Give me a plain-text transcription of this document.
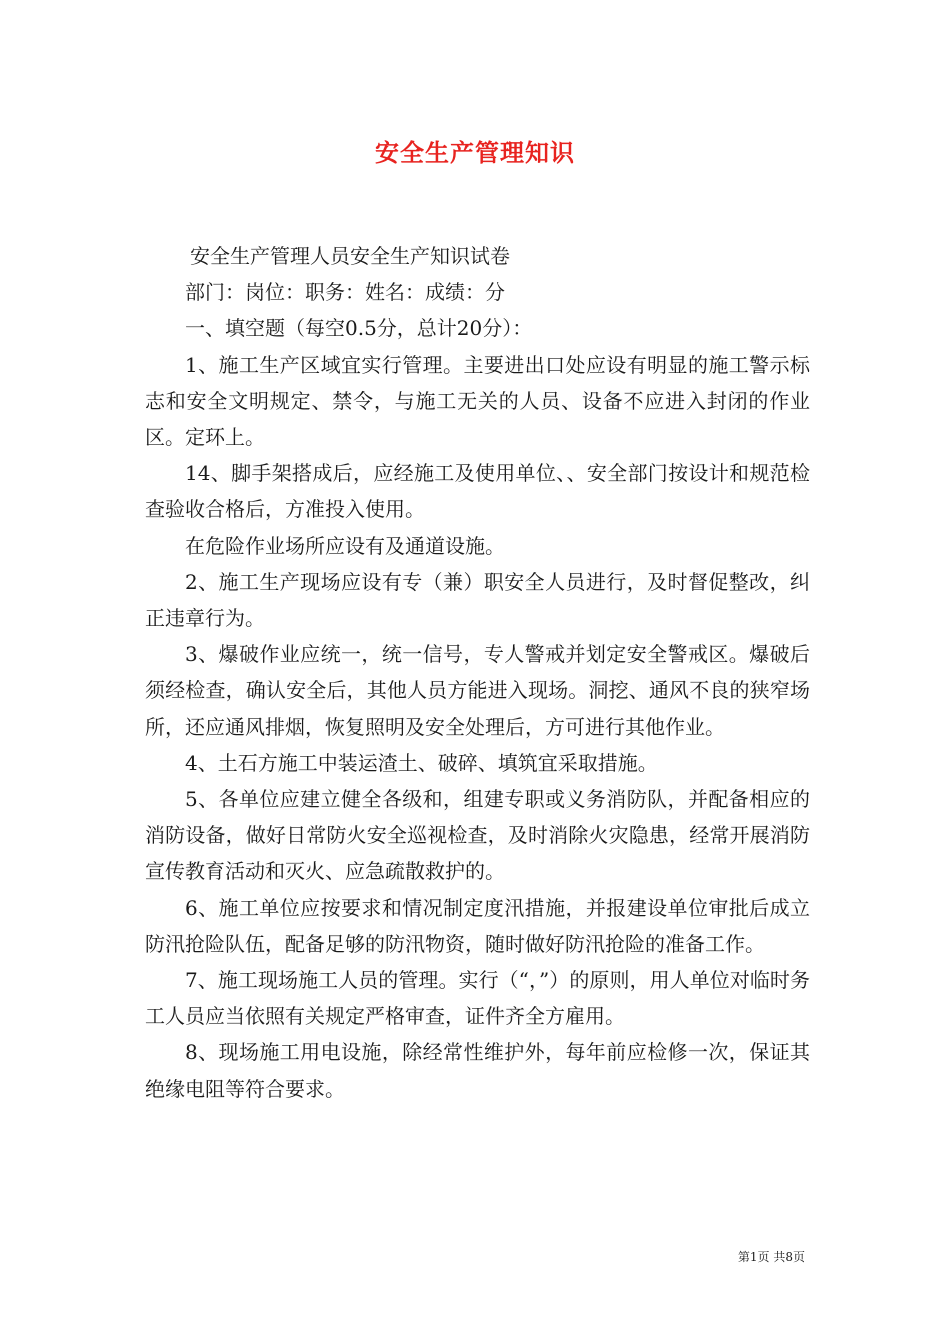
安全生产管理知识

安全生产管理人员安全生产知识试卷

部门：岗位：职务：姓名：成绩：分

一、填空题（每空0.5分，总计20分）：

1、施工生产区域宜实行管理。主要进出口处应设有明显的施工警示标志和安全文明规定、禁令，与施工无关的人员、设备不应进入封闭的作业区。定环上。

14、脚手架搭成后，应经施工及使用单位、、安全部门按设计和规范检查验收合格后，方准投入使用。

在危险作业场所应设有及通道设施。

2、施工生产现场应设有专（兼）职安全人员进行，及时督促整改，纠正违章行为。

3、爆破作业应统一，统一信号，专人警戒并划定安全警戒区。爆破后须经检查，确认安全后，其他人员方能进入现场。洞挖、通风不良的狭窄场所，还应通风排烟，恢复照明及安全处理后，方可进行其他作业。

4、土石方施工中装运渣土、破碎、填筑宜采取措施。

5、各单位应建立健全各级和，组建专职或义务消防队，并配备相应的消防设备，做好日常防火安全巡视检查，及时消除火灾隐患，经常开展消防宣传教育活动和灭火、应急疏散救护的。

6、施工单位应按要求和情况制定度汛措施，并报建设单位审批后成立防汛抢险队伍，配备足够的防汛物资，随时做好防汛抢险的准备工作。

7、施工现场施工人员的管理。实行（“，”）的原则，用人单位对临时务工人员应当依照有关规定严格审查，证件齐全方雇用。

8、现场施工用电设施，除经常性维护外，每年前应检修一次，保证其绝缘电阻等符合要求。

第1页 共8页
